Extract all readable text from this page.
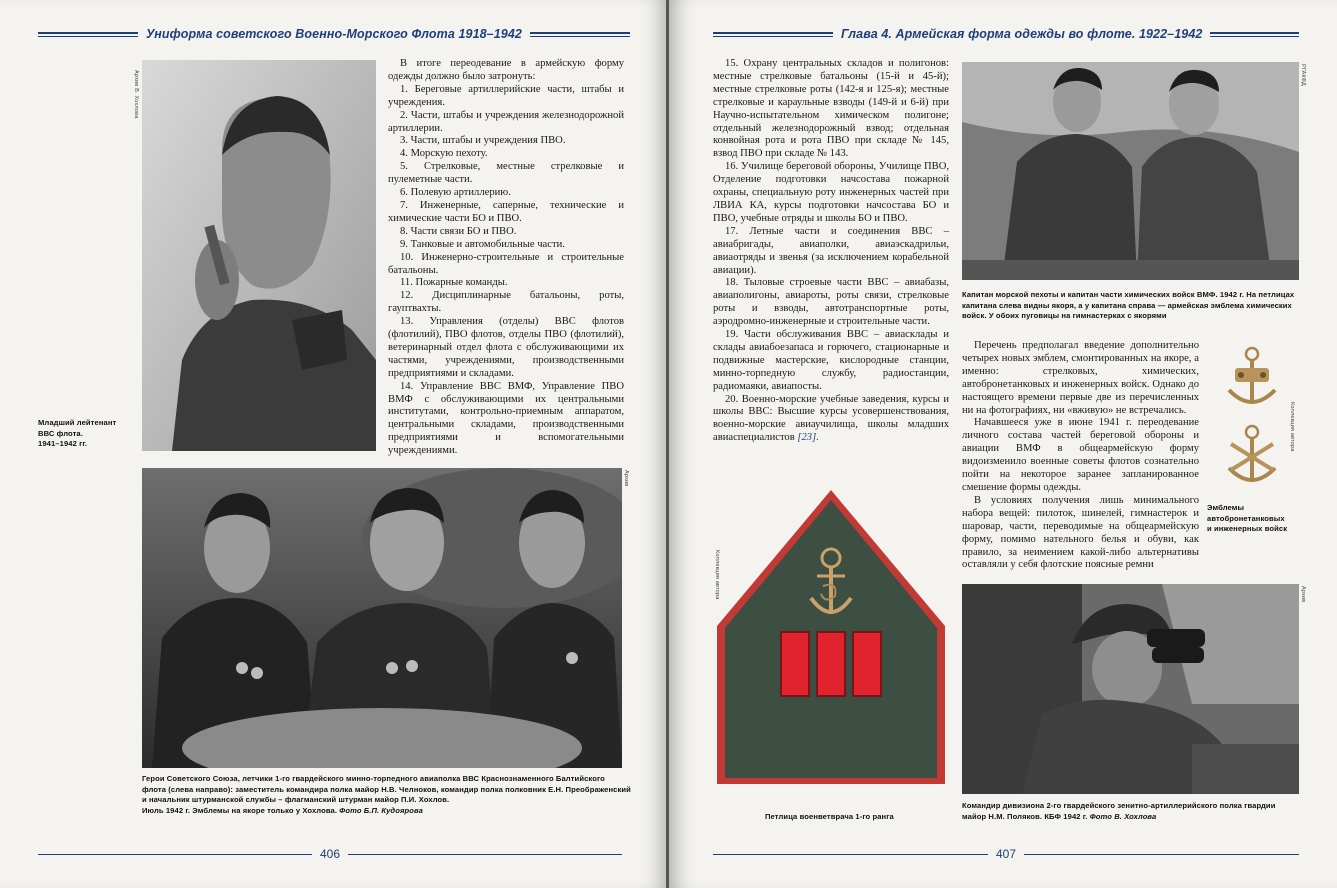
Униформа советского Военно-Морского Флота 1918–1942
Архив В. Хохлова
Младший лейтенант
ВВС флота.
1941–1942 гг.

В итоге переодевание в армейскую форму одежды должно было затронуть:

1. Береговые артиллерийские части, штабы и учреждения.

2. Части, штабы и учреждения железнодорожной артиллерии.

3. Части, штабы и учреждения ПВО.

4. Морскую пехоту.

5. Стрелковые, местные стрелковые и пулеметные части.

6. Полевую артиллерию.

7. Инженерные, саперные, технические и химические части БО и ПВО.

8. Части связи БО и ПВО.

9. Танковые и автомобильные части.

10. Инженерно-строительные и строительные батальоны.

11. Пожарные команды.

12. Дисциплинарные батальоны, роты, гауптвахты.

13. Управления (отделы) ВВС флотов (флотилий), ПВО флотов, отделы ПВО (флотилий), ветеринарный отдел флота с обслуживающими их частями, учреждениями, производственными предприятиями и складами.

14. Управление ВВС ВМФ, Управление ПВО ВМФ с обслуживающими их центральными институтами, контрольно-приемным аппаратом, центральными складами, производственными предприятиями и вспомогательными учреждениями.

Архив
Герои Советского Союза, летчики 1-го гвардейского минно-торпедного авиаполка ВВС Краснознаменного Балтийского
флота (слева направо): заместитель командира полка майор Н.В. Челноков, командир полка полковник Е.Н. Преображенский
и начальник штурманской службы – флагманский штурман майор П.И. Хохлов.
Июль 1942 г. Эмблемы на якоре только у Хохлова. Фото Б.П. Кудоярова
406
Глава 4. Армейская форма одежды во флоте. 1922–1942

15. Охрану центральных складов и полигонов: местные стрелковые батальоны (15-й и 45-й); местные стрелковые роты (142-я и 125-я); местные стрелковые и караульные взводы (149-й и 6-й) при Научно-испытательном химическом полигоне; отдельный железнодорожный взвод; отдельная конвойная рота и рота ПВО при складе № 145, взвод ПВО при складе № 143.

16. Училище береговой обороны, Училище ПВО, Отделение подготовки начсостава пожарной охраны, специальную роту инженерных частей при ЛВИА КА, курсы подготовки начсостава БО и ПВО, учебные отряды и школы БО и ПВО.

17. Летные части и соединения ВВС – авиабригады, авиаполки, авиаэскадрильи, авиаотряды и звенья (за исключением корабельной авиации).

18. Тыловые строевые части ВВС – авиабазы, авиаполигоны, авиароты, роты связи, стрелковые роты и взводы, автотранспортные роты, аэродромно-инженерные и строительные части.

19. Части обслуживания ВВС – авиасклады и склады авиабоезапаса и горючего, стационарные и подвижные мастерские, кислородные станции, минно-торпедную службу, радиостанции, радиомаяки, авиапосты.

20. Военно-морские учебные заведения, курсы и школы ВВС: Высшие курсы усовершенствования, военно-морские авиаучилища, школы младших авиаспециалистов [23].

Коллекция автора
Петлица военветврача 1-го ранга
РГАКФД
Капитан морской пехоты и капитан части химических войск ВМФ. 1942 г. На петлицах
капитана слева видны якоря, а у капитана справа — армейская эмблема химических
войск. У обоих пуговицы на гимнастерках с якорями

Перечень предполагал введение дополнительно четырех новых эмблем, смонтированных на якоре, а именно: стрелковых, химических, автобронетанковых и инженерных войск. Однако до настоящего времени первые две из перечисленных ни на фотографиях, ни «вживую» не встречались.

Начавшееся уже в июне 1941 г. переодевание личного состава частей береговой обороны и авиации ВМФ в общеармейскую форму видоизменило военные советы флотов сознательно пойти на некоторое заранее запланированное смешение формы одежды.

В условиях получения лишь минимального набора вещей: пилоток, шинелей, гимнастерок и шаровар, части, переводимые на общеармейскую форму, помимо нательного белья и обуви, как правило, за неимением какой-либо альтернативы оставляли у себя флотские поясные ремни

Коллекция автора
Эмблемы
автобронетанковых
и инженерных войск
Архив
Командир дивизиона 2-го гвардейского зенитно-артиллерийского полка гвардии
майор Н.М. Поляков. КБФ 1942 г. Фото В. Хохлова
407
